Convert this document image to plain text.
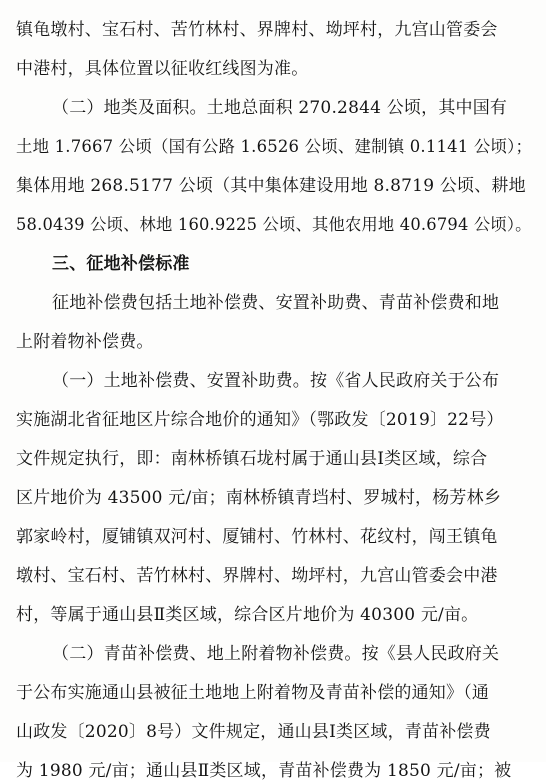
镇龟墩村、宝石村、苦竹林村、界牌村、坳坪村，九宫山管委会
中港村，具体位置以征收红线图为准。
（二）地类及面积。土地总面积 270.2844 公顷，其中国有
土地 1.7667 公顷（国有公路 1.6526 公顷、建制镇 0.1141 公顷）；
集体用地 268.5177 公顷（其中集体建设用地 8.8719 公顷、耕地
58.0439 公顷、林地 160.9225 公顷、其他农用地 40.6794 公顷）。
三、征地补偿标准
征地补偿费包括土地补偿费、安置补助费、青苗补偿费和地
上附着物补偿费。
（一）土地补偿费、安置补助费。按《省人民政府关于公布
实施湖北省征地区片综合地价的通知》（鄂政发〔2019〕22号）
文件规定执行，即：南林桥镇石垅村属于通山县Ⅰ类区域，综合
区片地价为 43500 元/亩；南林桥镇青垱村、罗城村，杨芳林乡
郭家岭村，厦铺镇双河村、厦铺村、竹林村、花纹村，闯王镇龟
墩村、宝石村、苦竹林村、界牌村、坳坪村，九宫山管委会中港
村，等属于通山县Ⅱ类区域，综合区片地价为 40300 元/亩。
（二）青苗补偿费、地上附着物补偿费。按《县人民政府关
于公布实施通山县被征土地地上附着物及青苗补偿的通知》（通
山政发〔2020〕8号）文件规定，通山县Ⅰ类区域，青苗补偿费
为 1980 元/亩；通山县Ⅱ类区域，青苗补偿费为 1850 元/亩；被
